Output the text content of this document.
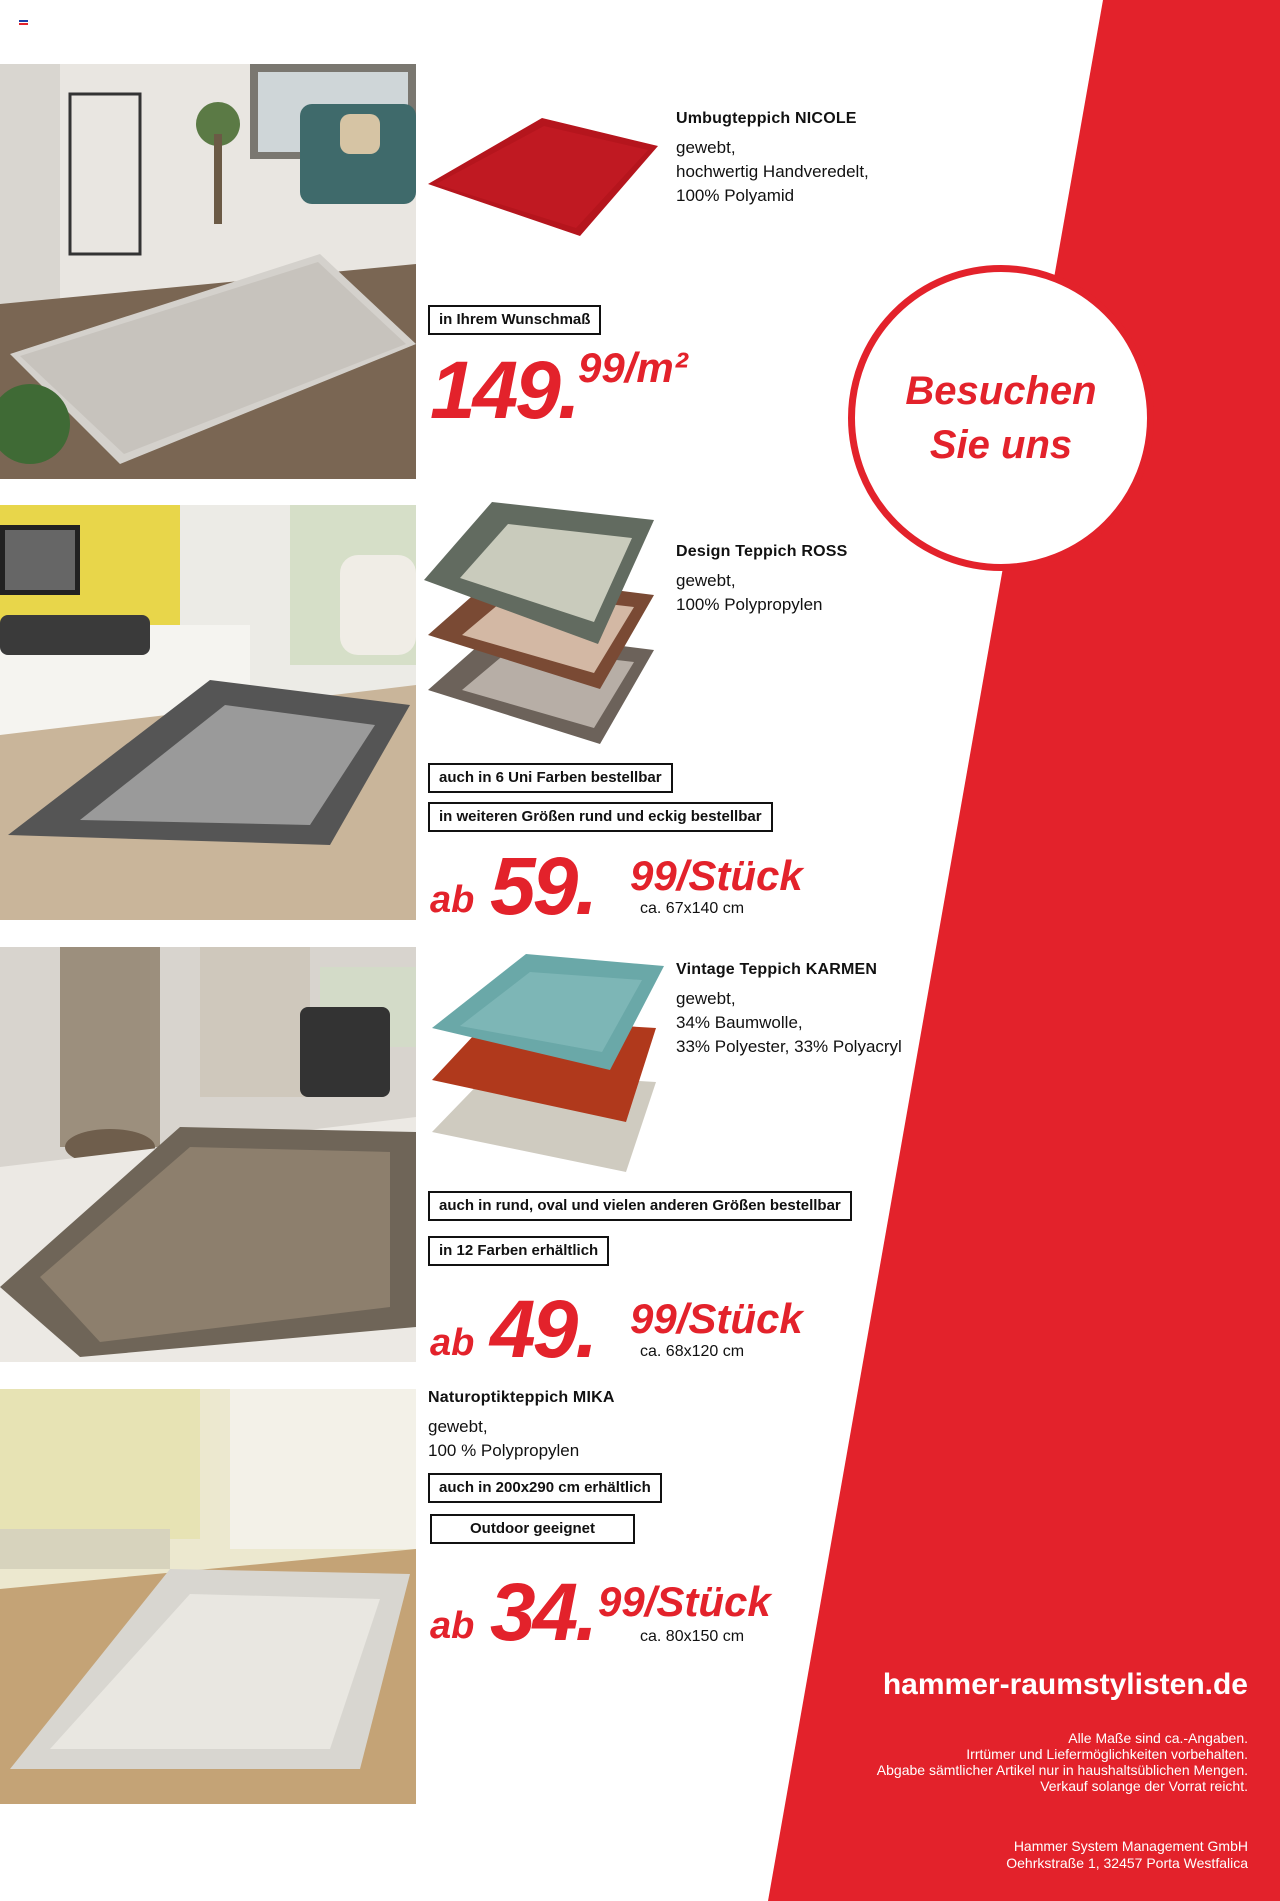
Umbugteppich NICOLE
gewebt,
hochwertig Handveredelt,
100% Polyamid
in Ihrem Wunschmaß
149. 99/m²
Design Teppich ROSS
gewebt,
100% Polypropylen
auch in 6 Uni Farben bestellbar
in weiteren Größen rund und eckig bestellbar
ab 59. 99/Stück
ca. 67x140 cm
Vintage Teppich KARMEN
gewebt,
34% Baumwolle,
33% Polyester, 33% Polyacryl
auch in rund, oval und vielen anderen Größen bestellbar
in 12 Farben erhältlich
ab 49. 99/Stück
ca. 68x120 cm
Naturoptikteppich MIKA
gewebt,
100 % Polypropylen
auch in 200x290 cm erhältlich
Outdoor geeignet
ab 34. 99/Stück
ca. 80x150 cm
Besuchen
Sie uns
hammer-raumstylisten.de
Alle Maße sind ca.-Angaben.
Irrtümer und Liefermöglichkeiten vorbehalten.
Abgabe sämtlicher Artikel nur in haushaltsüblichen Mengen.
Verkauf solange der Vorrat reicht.
Hammer System Management GmbH
Oehrkstraße 1, 32457 Porta Westfalica
